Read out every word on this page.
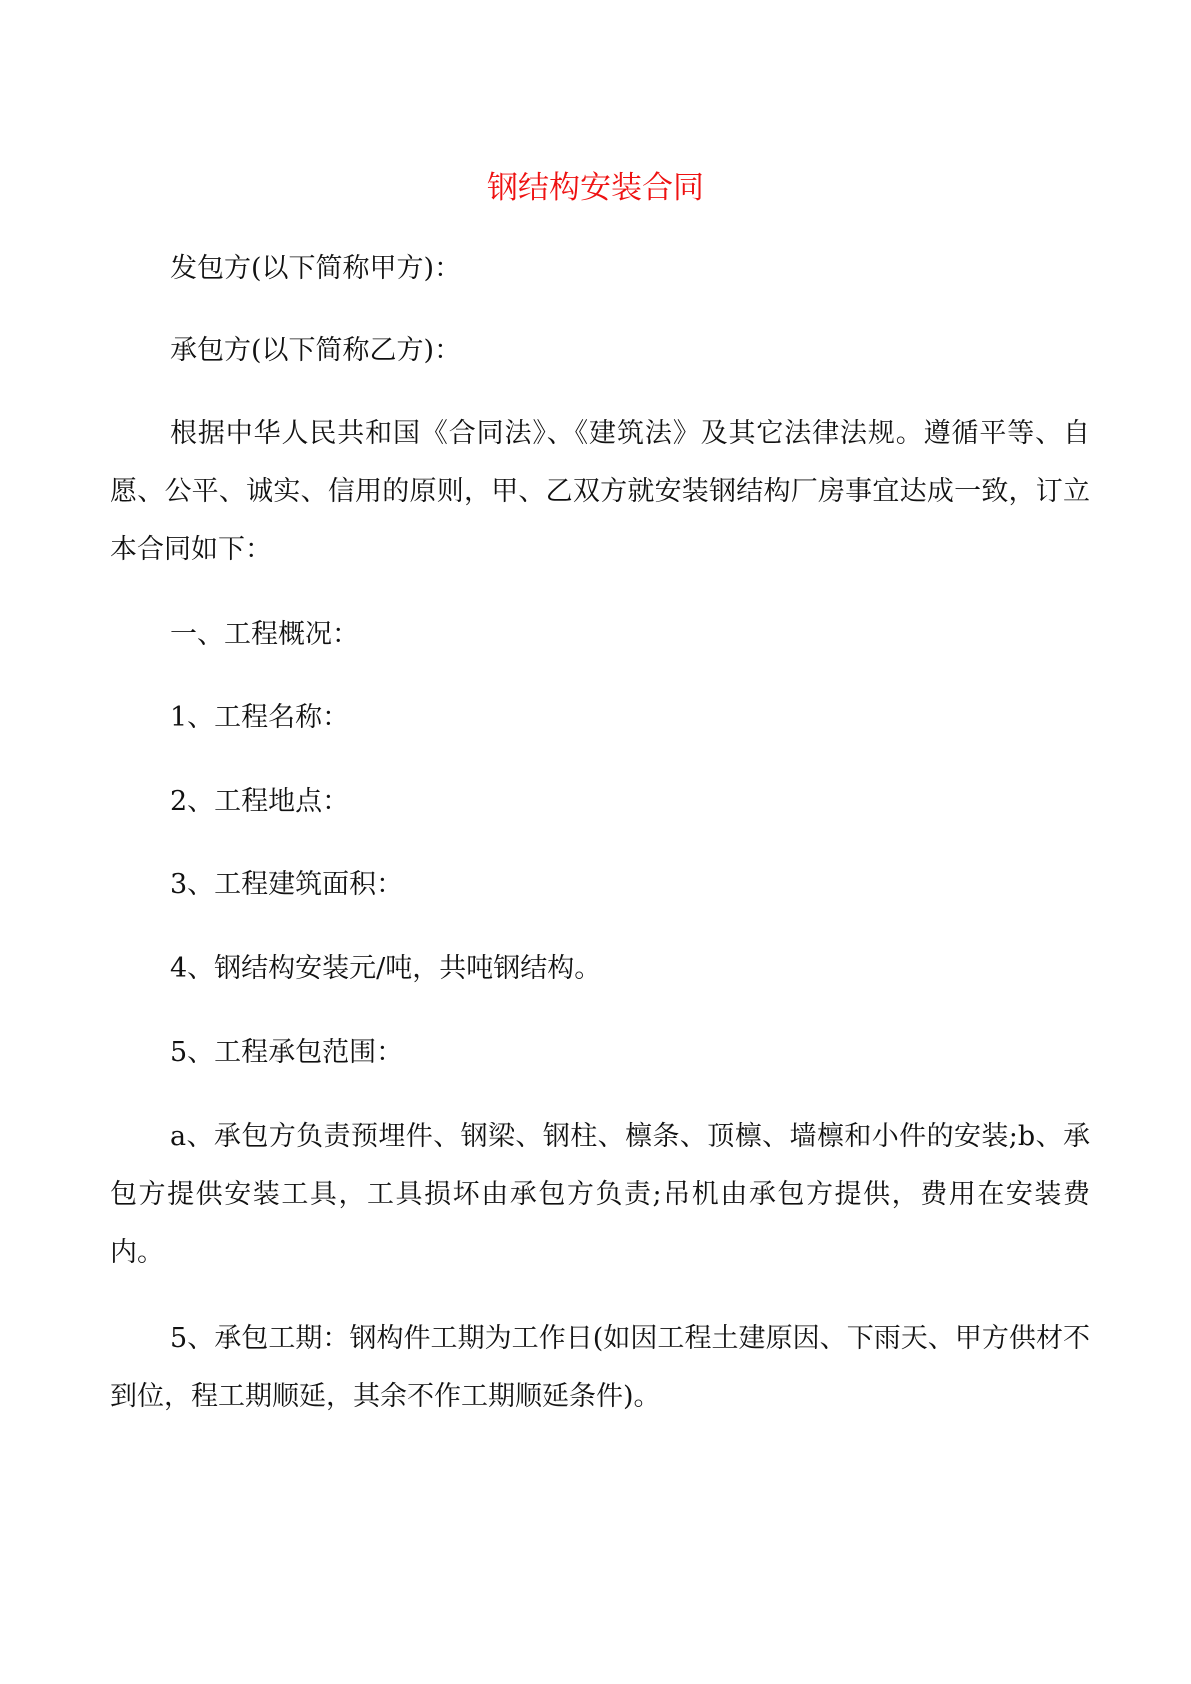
钢结构安装合同

发包方(以下简称甲方)：

承包方(以下简称乙方)：

根据中华人民共和国《合同法》、《建筑法》及其它法律法规。遵循平等、自愿、公平、诚实、信用的原则，甲、乙双方就安装钢结构厂房事宜达成一致，订立本合同如下：

一、工程概况：

1、工程名称：

2、工程地点：

3、工程建筑面积：

4、钢结构安装元/吨，共吨钢结构。

5、工程承包范围：

a、承包方负责预埋件、钢梁、钢柱、檩条、顶檩、墙檩和小件的安装;b、承包方提供安装工具，工具损坏由承包方负责;吊机由承包方提供，费用在安装费内。

5、承包工期：钢构件工期为工作日(如因工程土建原因、下雨天、甲方供材不到位，程工期顺延，其余不作工期顺延条件)。
